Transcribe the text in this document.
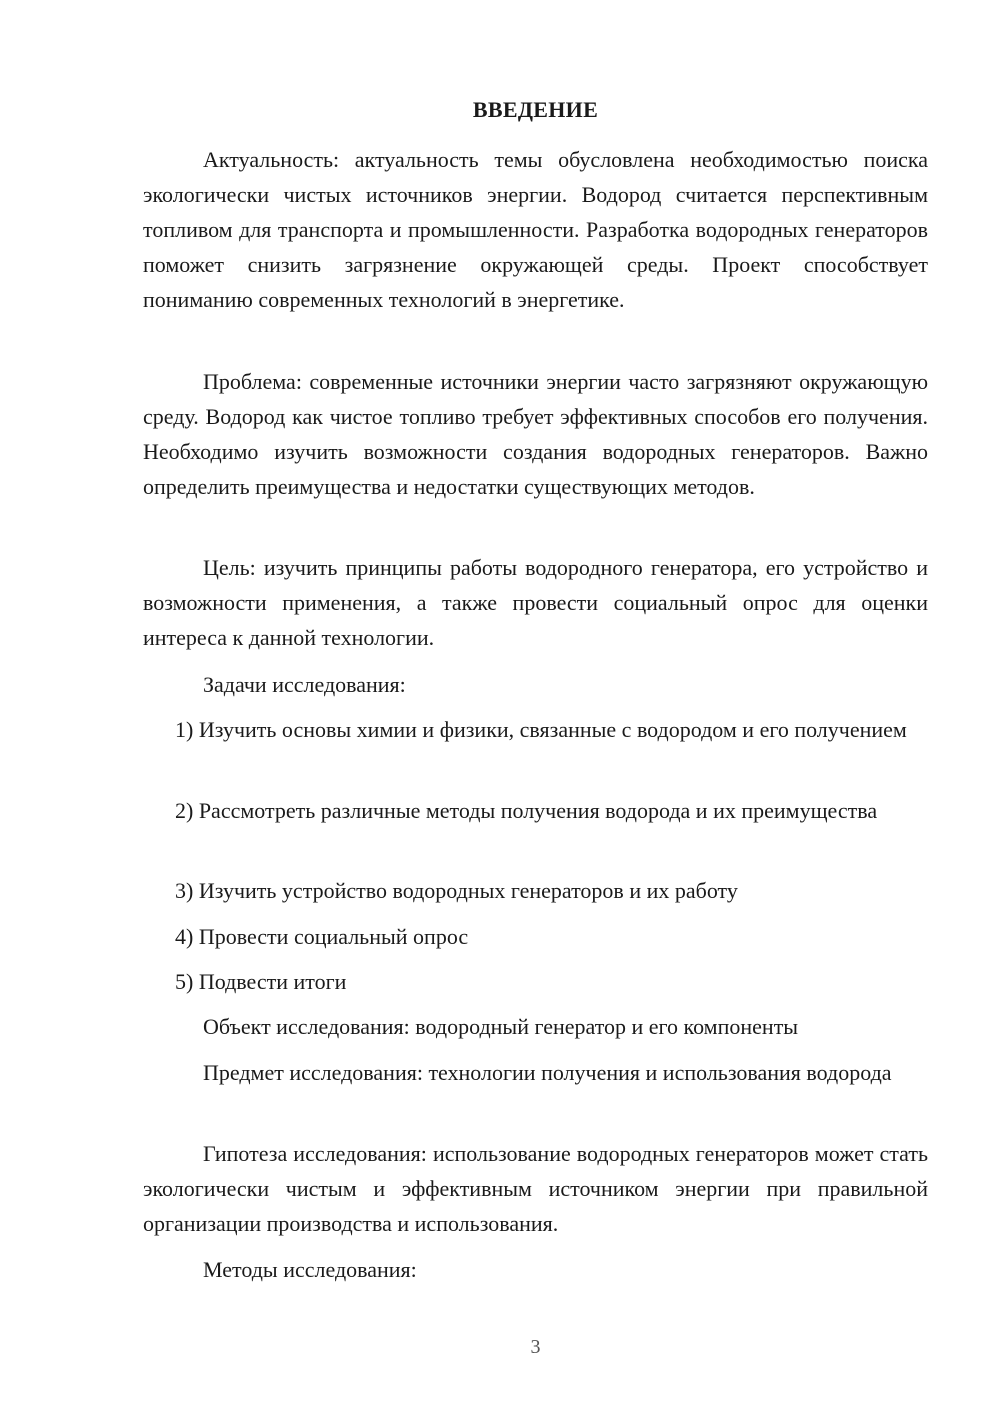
ВВЕДЕНИЕ

Актуальность: актуальность темы обусловлена необходимостью поиска экологически чистых источников энергии. Водород считается перспективным топливом для транспорта и промышленности. Разработка водородных генераторов поможет снизить загрязнение окружающей среды. Проект способствует пониманию современных технологий в энергетике.

Проблема: современные источники энергии часто загрязняют окружающую среду. Водород как чистое топливо требует эффективных способов его получения. Необходимо изучить возможности создания водородных генераторов. Важно определить преимущества и недостатки существующих методов.

Цель: изучить принципы работы водородного генератора, его устройство и возможности применения, а также провести социальный опрос для оценки интереса к данной технологии.

Задачи исследования:

1) Изучить основы химии и физики, связанные с водородом и его получением

2) Рассмотреть различные методы получения водорода и их преимущества

3) Изучить устройство водородных генераторов и их работу

4) Провести социальный опрос

5) Подвести итоги

Объект исследования: водородный генератор и его компоненты

Предмет исследования: технологии получения и использования водорода

Гипотеза исследования: использование водородных генераторов может стать экологически чистым и эффективным источником энергии при правильной организации производства и использования.

Методы исследования:

3
